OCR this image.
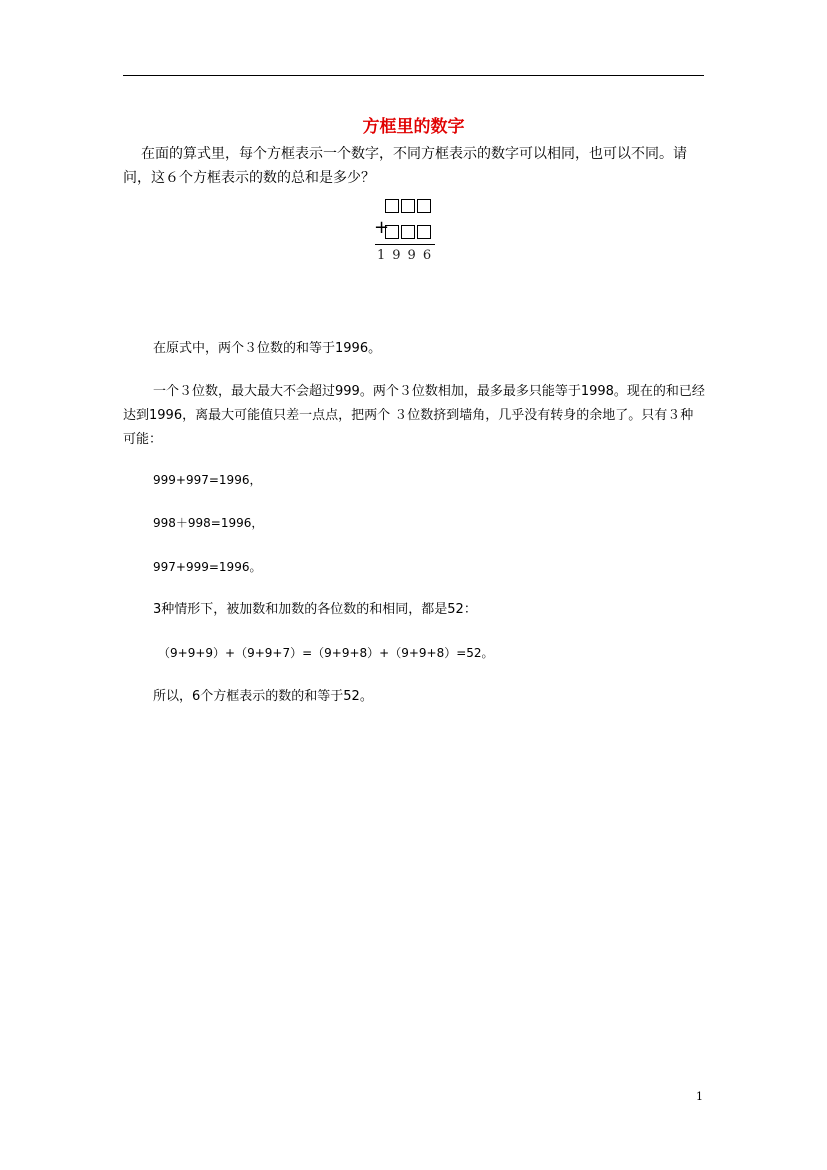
方框里的数字
在面的算式里，每个方框表示一个数字，不同方框表示的数字可以相同，也可以不同。请问，这６个方框表示的数的总和是多少？
+
1996
在原式中，两个３位数的和等于1996。
一个３位数，最大最大不会超过999。两个３位数相加，最多最多只能等于1998。现在的和已经达到1996，离最大可能值只差一点点，把两个 ３位数挤到墙角，几乎没有转身的余地了。只有３种可能：
999+997=1996，
998＋998=1996，
997+999=1996。
3种情形下，被加数和加数的各位数的和相同，都是52：
（9+9+9）+（9+9+7）=（9+9+8）+（9+9+8）=52。
所以，6个方框表示的数的和等于52。
1
